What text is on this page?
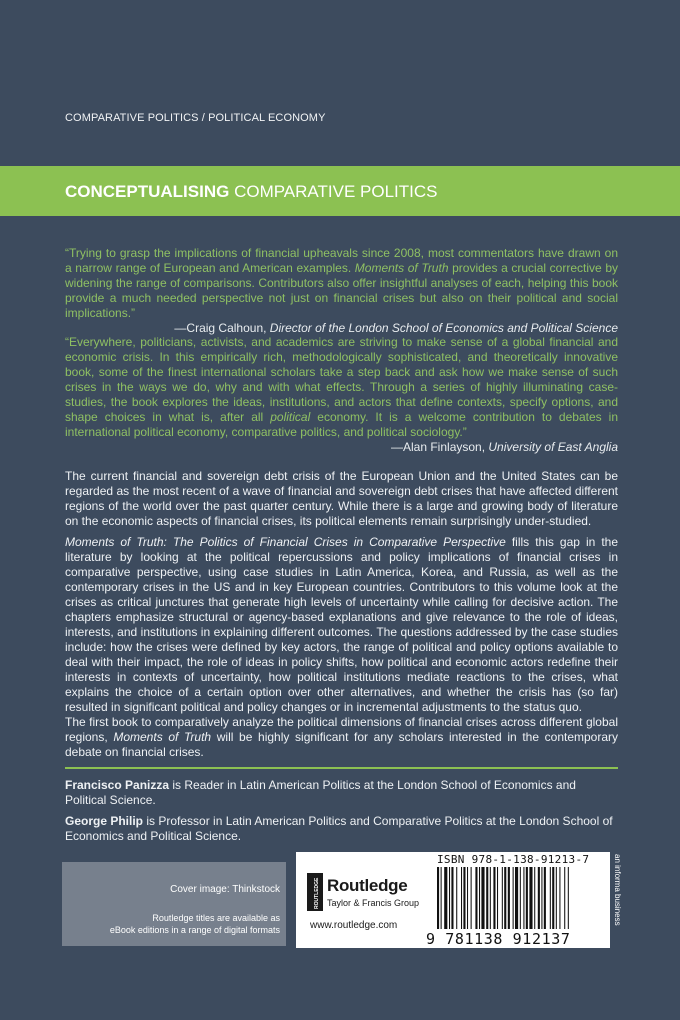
COMPARATIVE POLITICS / POLITICAL ECONOMY
CONCEPTUALISING COMPARATIVE POLITICS
“Trying to grasp the implications of financial upheavals since 2008, most commentators have drawn on a narrow range of European and American examples. Moments of Truth provides a crucial corrective by widening the range of comparisons. Contributors also offer insightful analyses of each, helping this book provide a much needed perspective not just on financial crises but also on their political and social implications.”
—Craig Calhoun, Director of the London School of Economics and Political Science
“Everywhere, politicians, activists, and academics are striving to make sense of a global financial and economic crisis. In this empirically rich, methodologically sophisticated, and theoretically innovative book, some of the finest international scholars take a step back and ask how we make sense of such crises in the ways we do, why and with what effects. Through a series of highly illuminating case-studies, the book explores the ideas, institutions, and actors that define contexts, specify options, and shape choices in what is, after all political economy. It is a welcome contribution to debates in international political economy, comparative politics, and political sociology.”
—Alan Finlayson, University of East Anglia
The current financial and sovereign debt crisis of the European Union and the United States can be regarded as the most recent of a wave of financial and sovereign debt crises that have affected different regions of the world over the past quarter century. While there is a large and growing body of literature on the economic aspects of financial crises, its political elements remain surprisingly under-studied.
Moments of Truth: The Politics of Financial Crises in Comparative Perspective fills this gap in the literature by looking at the political repercussions and policy implications of financial crises in comparative perspective, using case studies in Latin America, Korea, and Russia, as well as the contemporary crises in the US and in key European countries. Contributors to this volume look at the crises as critical junctures that generate high levels of uncertainty while calling for decisive action. The chapters emphasize structural or agency-based explanations and give relevance to the role of ideas, interests, and institutions in explaining different outcomes. The questions addressed by the case studies include: how the crises were defined by key actors, the range of political and policy options available to deal with their impact, the role of ideas in policy shifts, how political and economic actors redefine their interests in contexts of uncertainty, how political institutions mediate reactions to the crises, what explains the choice of a certain option over other alternatives, and whether the crisis has (so far) resulted in significant political and policy changes or in incremental adjustments to the status quo.
The first book to comparatively analyze the political dimensions of financial crises across different global regions, Moments of Truth will be highly significant for any scholars interested in the contemporary debate on financial crises.
Francisco Panizza is Reader in Latin American Politics at the London School of Economics and Political Science.
George Philip is Professor in Latin American Politics and Comparative Politics at the London School of Economics and Political Science.
Cover image: Thinkstock
Routledge titles are available as
eBook editions in a range of digital formats
ROUTLEDGE Routledge
Taylor & Francis Group
www.routledge.com
ISBN 978-1-138-91213-7
9 781138 912137
an informa business
